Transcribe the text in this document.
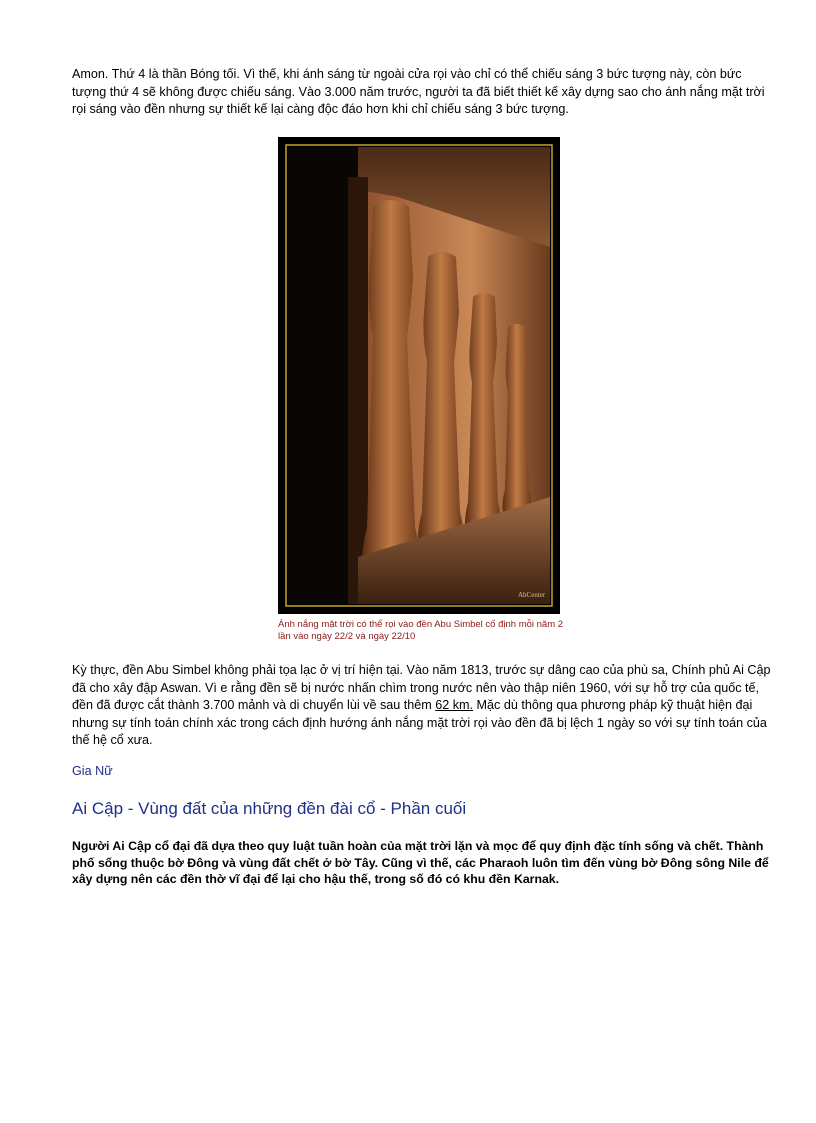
Amon. Thứ 4 là thần Bóng tối. Vì thế, khi ánh sáng từ ngoài cửa rọi vào chỉ có thể chiếu sáng 3 bức tượng này, còn bức tượng thứ 4 sẽ không được chiếu sáng. Vào 3.000 năm trước, người ta đã biết thiết kế xây dựng sao cho ánh nắng mặt trời rọi sáng vào đền nhưng sự thiết kế lại càng độc đáo hơn khi chỉ chiếu sáng 3 bức tượng.

AbCenter

Ánh nắng mặt trời có thể rọi vào đền Abu Simbel cố định mỗi năm 2 lần vào ngày 22/2 và ngày 22/10

Kỳ thực, đền Abu Simbel không phải tọa lạc ở vị trí hiện tại. Vào năm 1813, trước sự dâng cao của phù sa, Chính phủ Ai Cập đã cho xây đập Aswan. Vì e rằng đền sẽ bị nước nhấn chìm trong nước nên vào thập niên 1960, với sự hỗ trợ của quốc tế, đền đã được cắt thành 3.700 mảnh và di chuyển lùi về sau thêm 62 km. Mặc dù thông qua phương pháp kỹ thuật hiện đại nhưng sự tính toán chính xác trong cách định hướng ánh nắng mặt trời rọi vào đền đã bị lệch 1 ngày so với sự tính toán của thế hệ cổ xưa.

Gia Nữ

Ai Cập - Vùng đất của những đền đài cổ - Phần cuối

Người Ai Cập cổ đại đã dựa theo quy luật tuần hoàn của mặt trời lặn và mọc để quy định đặc tính sống và chết. Thành phố sống thuộc bờ Đông và vùng đất chết ở bờ Tây. Cũng vì thế, các Pharaoh luôn tìm đến vùng bờ Đông sông Nile để xây dựng nên các đền thờ vĩ đại để lại cho hậu thế, trong số đó có khu đền Karnak.
